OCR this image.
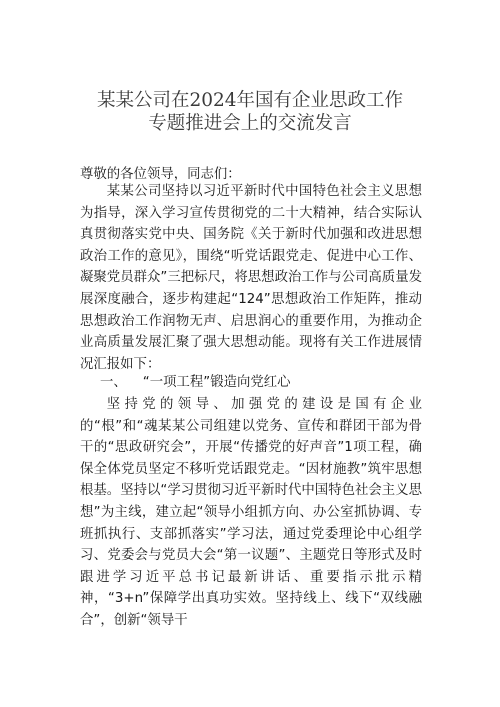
某某公司在2024年国有企业思政工作
专题推进会上的交流发言
尊敬的各位领导，同志们：

某某公司坚持以习近平新时代中国特色社会主义思想为指导，深入学习宣传贯彻党的二十大精神，结合实际认真贯彻落实党中央、国务院《关于新时代加强和改进思想政治工作的意见》，围绕“听党话跟党走、促进中心工作、凝聚党员群众”三把标尺，将思想政治工作与公司高质量发展深度融合，逐步构建起“124”思想政治工作矩阵，推动思想政治工作润物无声、启思润心的重要作用，为推动企业高质量发展汇聚了强大思想动能。现将有关工作进展情况汇报如下：

一、 “一项工程”锻造向党红心

坚持党的领导、加强党的建设是国有企业的“根”和“魂某某公司组建以党务、宣传和群团干部为骨干的“思政研究会”，开展“传播党的好声音”1项工程，确保全体党员坚定不移听党话跟党走。“因材施教”筑牢思想根基。坚持以“学习贯彻习近平新时代中国特色社会主义思想”为主线，建立起“领导小组抓方向、办公室抓协调、专班抓执行、支部抓落实”学习法，通过党委理论中心组学习、党委会与党员大会“第一议题”、主题党日等形式及时跟进学习近平总书记最新讲话、重要指示批示精神，“3+n”保障学出真功实效。坚持线上、线下“双线融合”，创新“领导干
